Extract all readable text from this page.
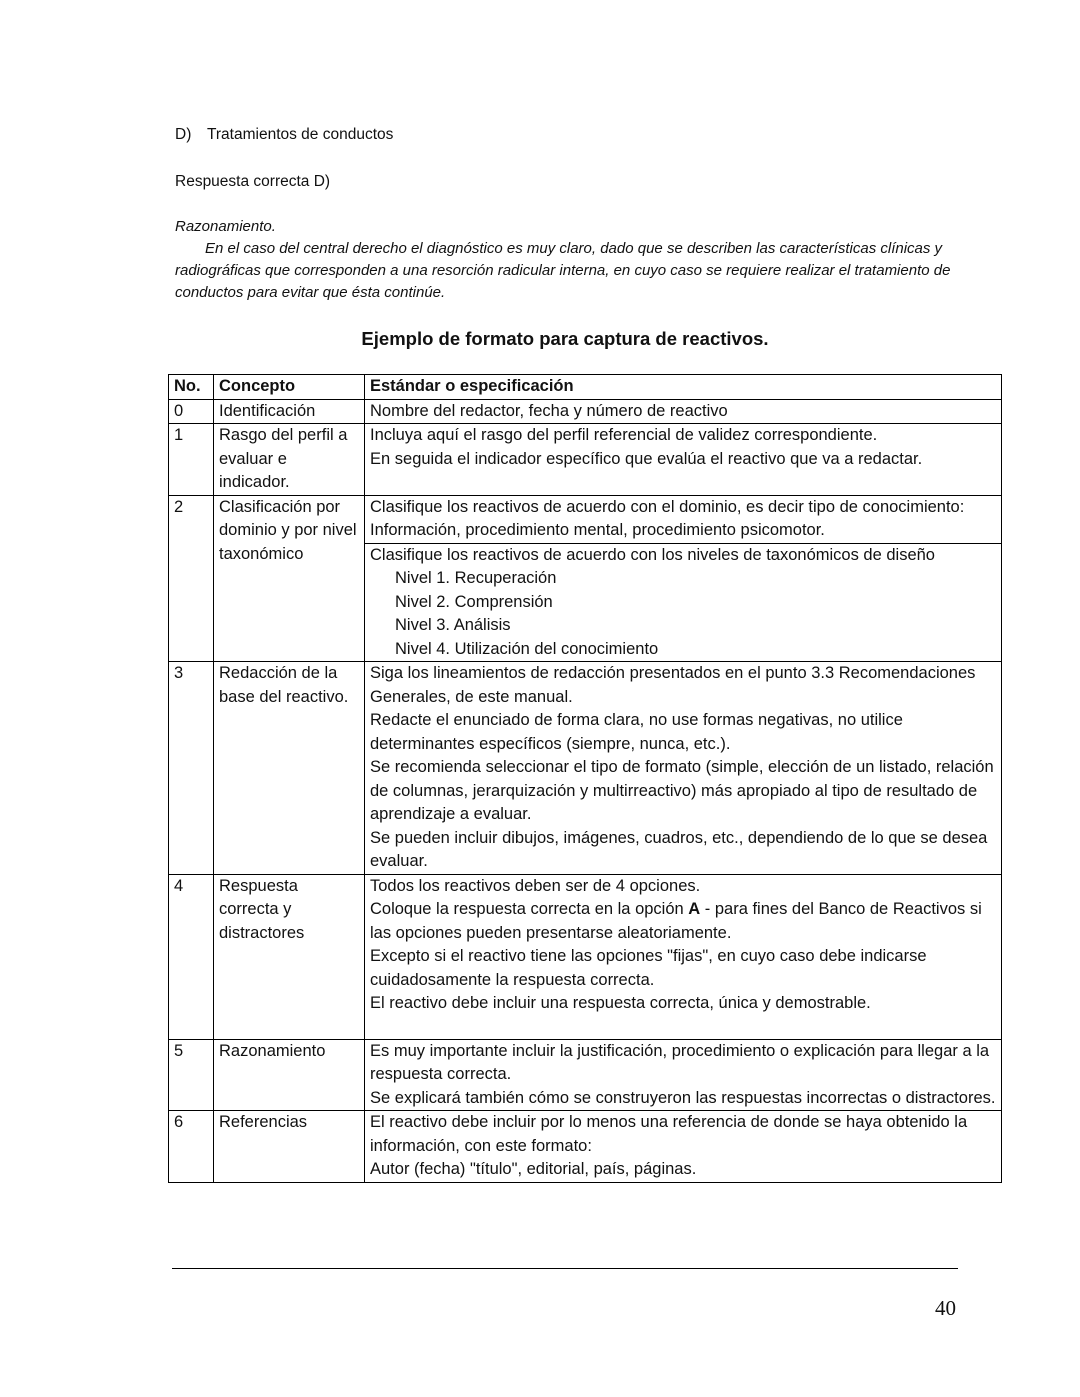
D) Tratamientos de conductos
Respuesta correcta D)
Razonamiento.
En el caso del central derecho el diagnóstico es muy claro, dado que se describen las características clínicas y radiográficas que corresponden a una resorción radicular interna, en cuyo caso se requiere realizar el tratamiento de conductos para evitar que ésta continúe.
Ejemplo de formato para captura de reactivos.
No.	Concepto	Estándar o especificación
0	Identificación	Nombre del redactor, fecha y número de reactivo

1	Rasgo del perfil a evaluar e indicador.	Incluya aquí el rasgo del perfil referencial de validez correspondiente.
En seguida el indicador específico que evalúa el reactivo que va a redactar.

2	Clasificación por dominio y por nivel taxonómico	Clasifique los reactivos de acuerdo con el dominio, es decir tipo de conocimiento: Información, procedimiento mental, procedimiento psicomotor.

		Clasifique los reactivos de acuerdo con los niveles de taxonómicos de diseño
Nivel 1. Recuperación
Nivel 2. Comprensión
Nivel 3. Análisis
Nivel 4. Utilización del conocimiento

3	Redacción de la base del reactivo.	Siga los lineamientos de redacción presentados en el punto 3.3 Recomendaciones Generales, de este manual.
Redacte el enunciado de forma clara, no use formas negativas, no utilice determinantes específicos (siempre, nunca, etc.).
Se recomienda seleccionar el tipo de formato (simple, elección de un listado, relación de columnas, jerarquización y multirreactivo) más apropiado al tipo de resultado de aprendizaje a evaluar.
Se pueden incluir dibujos, imágenes, cuadros, etc., dependiendo de lo que se desea evaluar.

4	Respuesta correcta y distractores	Todos los reactivos deben ser de 4 opciones.
Coloque la respuesta correcta en la opción A - para fines del Banco de Reactivos si las opciones pueden presentarse aleatoriamente.
Excepto si el reactivo tiene las opciones "fijas", en cuyo caso debe indicarse cuidadosamente la respuesta correcta.
El reactivo debe incluir una respuesta correcta, única y demostrable.

5	Razonamiento	Es muy importante incluir la justificación, procedimiento o explicación para llegar a la respuesta correcta.
Se explicará también cómo se construyeron las respuestas incorrectas o distractores.

6	Referencias	El reactivo debe incluir por lo menos una referencia de donde se haya obtenido la información, con este formato:
Autor (fecha) "título", editorial, país, páginas.
40
